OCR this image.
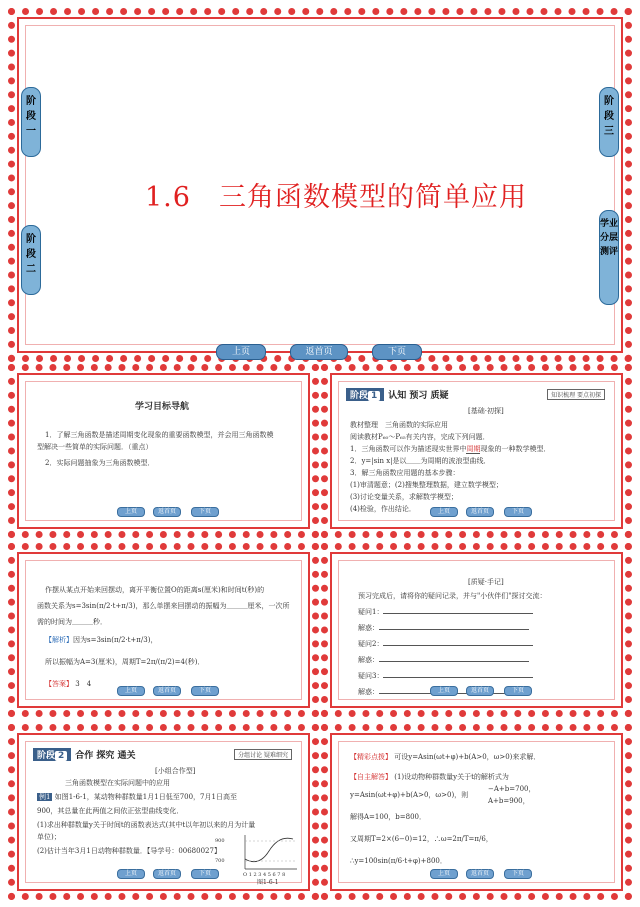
阶段一
阶段二
阶段三
学业分层测评
1.6　三角函数模型的简单应用
上页	返首页	下页
学习目标导航
1．了解三角函数是描述周期变化现象的重要函数模型，并会用三角函数模
型解决一些简单的实际问题．（重点）
2．实际问题抽象为三角函数模型．
上页	返首页	下页
阶段 1 认知 预习 质疑	知识梳理 要点初探
[基础·初探]
教材整理　三角函数的实际应用
阅读教材P₆₀～P₆₅有关内容，完成下列问题．
1．三角函数可以作为描述现实世界中周期现象的一种数学模型．
2．y=|sin x|是以＿＿为周期的波浪型曲线．
3．解三角函数应用题的基本步骤：
(1)审清题意；(2)搜集整理数据，建立数学模型；
(3)讨论变量关系，求解数学模型；
(4)检验，作出结论．	上页	返首页	下页
作摆从某点开始来回摆动，离开平衡位置O的距离s(厘米)和时间t(秒)的
函数关系为s=3sin(π/2·t+π/3)，那么单摆来回摆动的振幅为＿＿＿厘米，一次所
需的时间为＿＿＿秒．
【解析】因为s=3sin(π/2·t+π/3)，
所以振幅为A=3(厘米)，周期T=2π/(π/2)=4(秒)．
【答案】 3　4
上页	返首页	下页
[质疑·手记]
预习完成后，请将你的疑问记录，并与"小伙伴们"探讨交流：
疑问1：
解惑：
疑问2：
解惑：
疑问3：
解惑：	上页	返首页	下页
阶段 2 合作 探究 通关	分组讨论 疑难细究
[小组合作型]
三角函数模型在实际问题中的应用
例1 如图1-6-1，某动物种群数量1月1日低至700，7月1日高至
900，其总量在此两值之间依正弦型曲线变化．
(1)求出种群数量y关于时间t的函数表达式(其中t以年初以来的月为计量
单位)；
(2)估计当年3月1日动物种群数量．【导学号：00680027】
900
700
O 1 2 3 4 5 6 7 8
图1-6-1
上页	返首页	下页
【精彩点拨】 可设y=Asin(ωt+φ)+b(A>0，ω>0)来求解．
【自主解答】 (1)设动物种群数量y关于t的解析式为
y=Asin(ωt+φ)+b(A>0，ω>0)，则
−A+b=700，
A+b=900，
解得A=100，b=800．
又周期T=2×(6−0)=12，∴ω=2π/T=π/6，
∴y=100sin(π/6·t+φ)+800．
上页	返首页	下页
